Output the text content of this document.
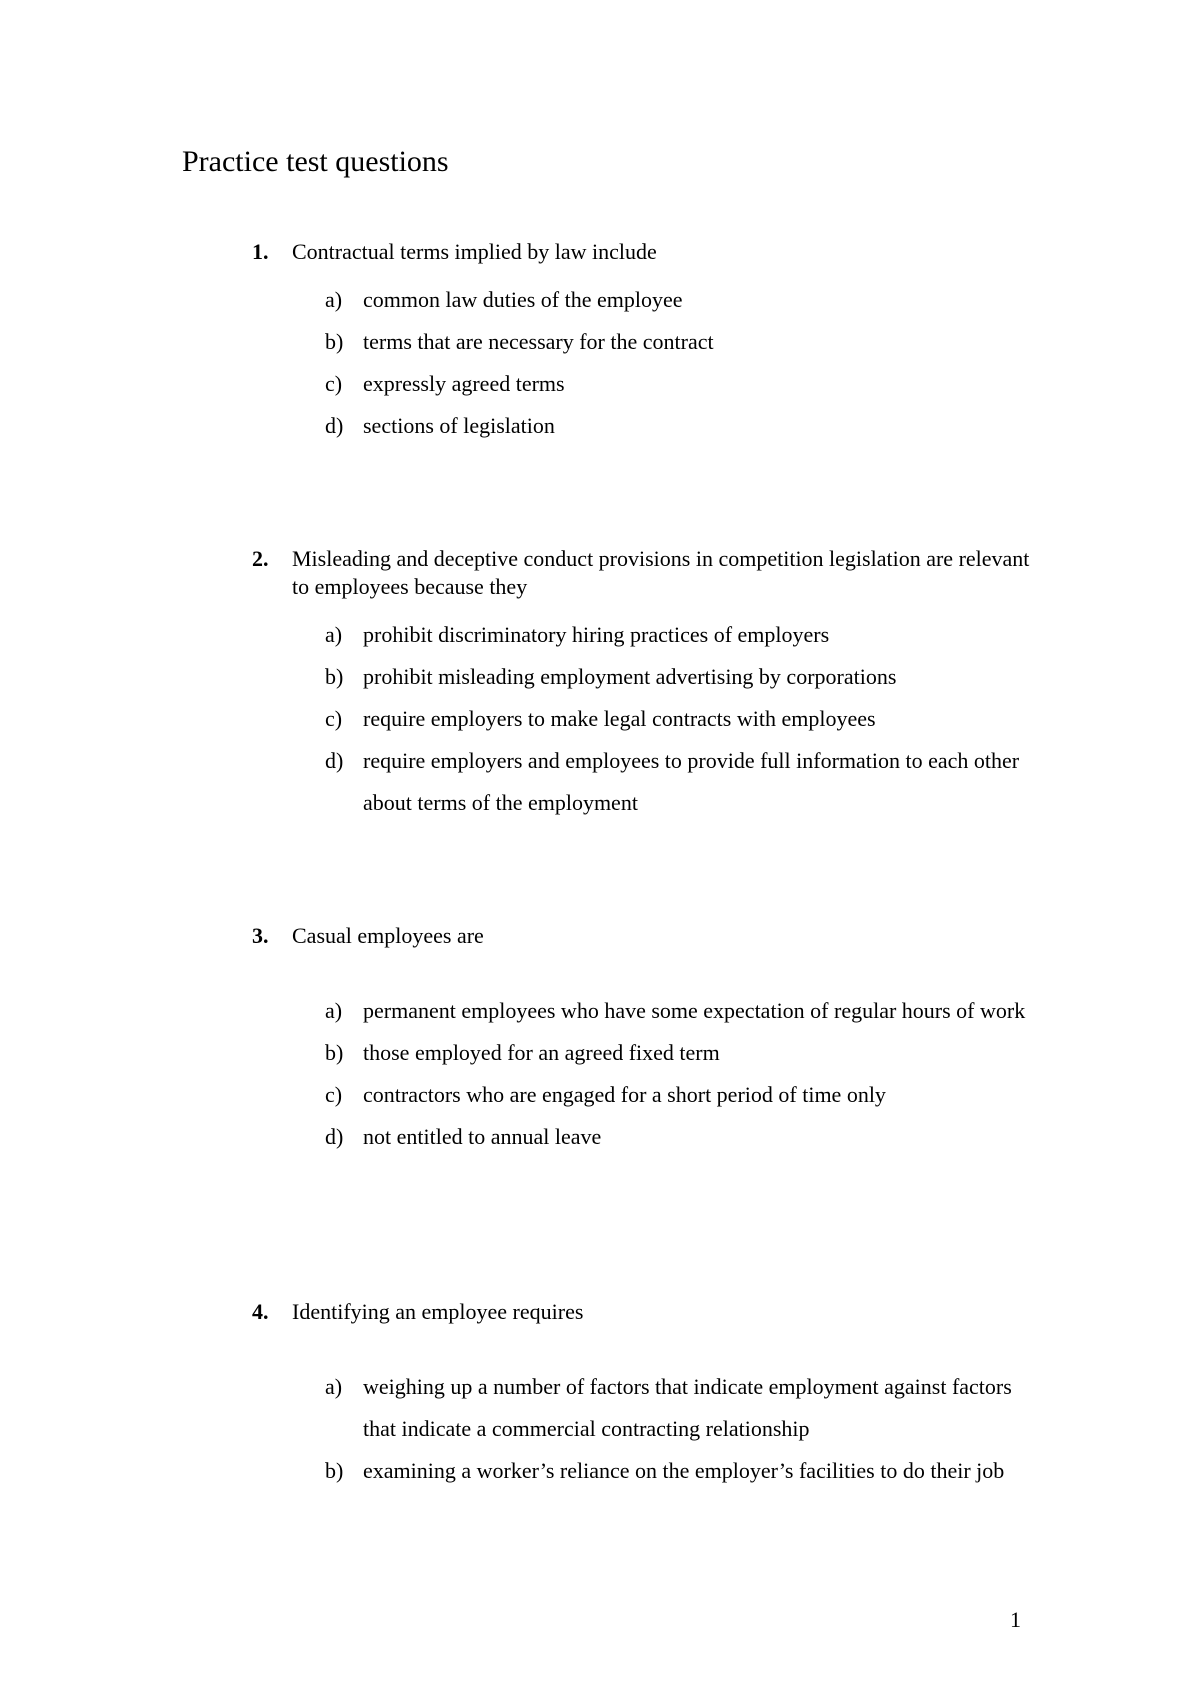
Practice test questions
1. Contractual terms implied by law include
a) common law duties of the employee
b) terms that are necessary for the contract
c) expressly agreed terms
d) sections of legislation
2. Misleading and deceptive conduct provisions in competition legislation are relevant to employees because they
a) prohibit discriminatory hiring practices of employers
b) prohibit misleading employment advertising by corporations
c) require employers to make legal contracts with employees
d) require employers and employees to provide full information to each other about terms of the employment
3. Casual employees are
a) permanent employees who have some expectation of regular hours of work
b) those employed for an agreed fixed term
c) contractors who are engaged for a short period of time only
d) not entitled to annual leave
4. Identifying an employee requires
a) weighing up a number of factors that indicate employment against factors that indicate a commercial contracting relationship
b) examining a worker’s reliance on the employer’s facilities to do their job
1
